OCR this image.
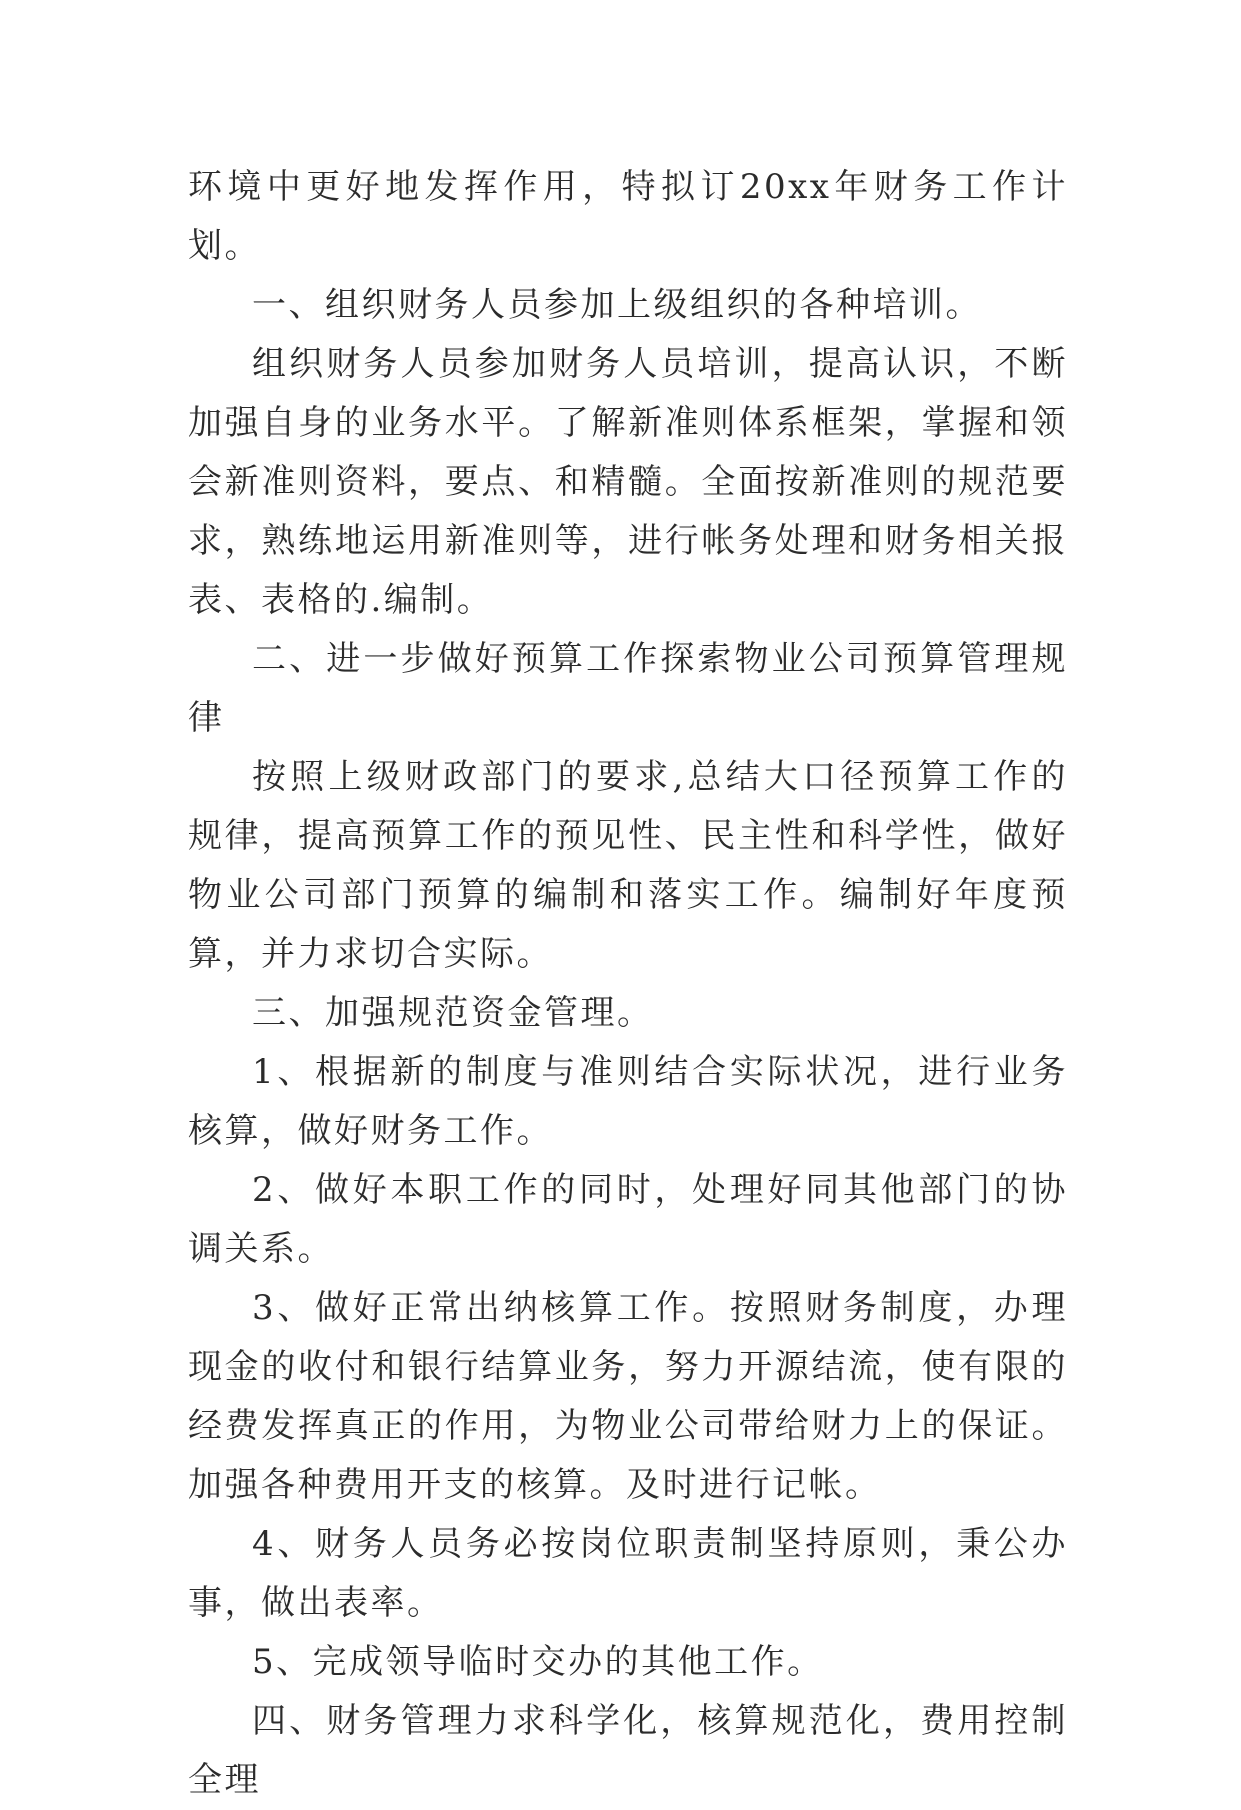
环境中更好地发挥作用，特拟订20xx年财务工作计划。

一、组织财务人员参加上级组织的各种培训。

组织财务人员参加财务人员培训，提高认识，不断加强自身的业务水平。了解新准则体系框架，掌握和领会新准则资料，要点、和精髓。全面按新准则的规范要求，熟练地运用新准则等，进行帐务处理和财务相关报表、表格的.编制。

二、进一步做好预算工作探索物业公司预算管理规律

按照上级财政部门的要求,总结大口径预算工作的规律，提高预算工作的预见性、民主性和科学性，做好物业公司部门预算的编制和落实工作。编制好年度预算，并力求切合实际。

三、加强规范资金管理。

1、根据新的制度与准则结合实际状况，进行业务核算，做好财务工作。

2、做好本职工作的同时，处理好同其他部门的协调关系。

3、做好正常出纳核算工作。按照财务制度，办理现金的收付和银行结算业务，努力开源结流，使有限的经费发挥真正的作用，为物业公司带给财力上的保证。加强各种费用开支的核算。及时进行记帐。

4、财务人员务必按岗位职责制坚持原则，秉公办事，做出表率。

5、完成领导临时交办的其他工作。

四、财务管理力求科学化，核算规范化，费用控制全理
